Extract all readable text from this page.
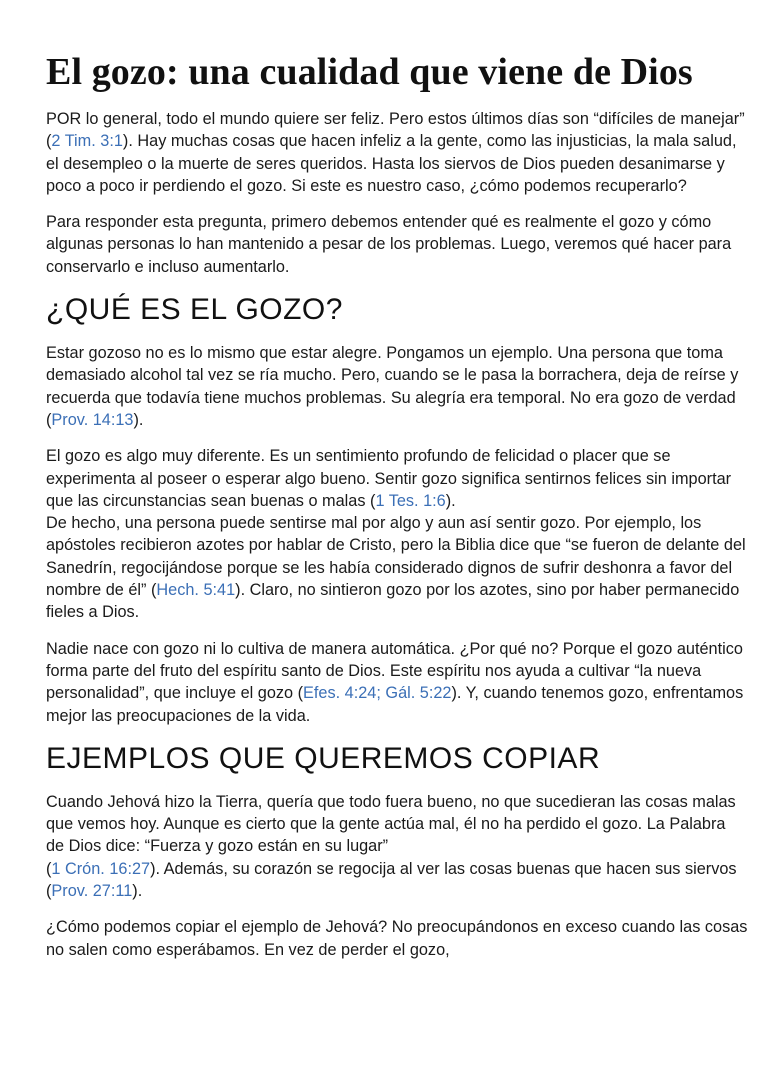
El gozo: una cualidad que viene de Dios

POR lo general, todo el mundo quiere ser feliz. Pero estos últimos días son “difíciles de manejar” (2 Tim. 3:1). Hay muchas cosas que hacen infeliz a la gente, como las injusticias, la mala salud, el desempleo o la muerte de seres queridos. Hasta los siervos de Dios pueden desanimarse y poco a poco ir perdiendo el gozo. Si este es nuestro caso, ¿cómo podemos recuperarlo?

Para responder esta pregunta, primero debemos entender qué es realmente el gozo y cómo algunas personas lo han mantenido a pesar de los problemas. Luego, veremos qué hacer para conservarlo e incluso aumentarlo.

¿QUÉ ES EL GOZO?

Estar gozoso no es lo mismo que estar alegre. Pongamos un ejemplo. Una persona que toma demasiado alcohol tal vez se ría mucho. Pero, cuando se le pasa la borrachera, deja de reírse y recuerda que todavía tiene muchos problemas. Su alegría era temporal. No era gozo de verdad (Prov. 14:13).

El gozo es algo muy diferente. Es un sentimiento profundo de felicidad o placer que se experimenta al poseer o esperar algo bueno. Sentir gozo significa sentirnos felices sin importar que las circunstancias sean buenas o malas (1 Tes. 1:6).
De hecho, una persona puede sentirse mal por algo y aun así sentir gozo. Por ejemplo, los apóstoles recibieron azotes por hablar de Cristo, pero la Biblia dice que “se fueron de delante del Sanedrín, regocijándose porque se les había considerado dignos de sufrir deshonra a favor del nombre de él” (Hech. 5:41). Claro, no sintieron gozo por los azotes, sino por haber permanecido fieles a Dios.

Nadie nace con gozo ni lo cultiva de manera automática. ¿Por qué no? Porque el gozo auténtico forma parte del fruto del espíritu santo de Dios. Este espíritu nos ayuda a cultivar “la nueva personalidad”, que incluye el gozo (Efes. 4:24; Gál. 5:22). Y, cuando tenemos gozo, enfrentamos mejor las preocupaciones de la vida.

EJEMPLOS QUE QUEREMOS COPIAR

Cuando Jehová hizo la Tierra, quería que todo fuera bueno, no que sucedieran las cosas malas que vemos hoy. Aunque es cierto que la gente actúa mal, él no ha perdido el gozo. La Palabra de Dios dice: “Fuerza y gozo están en su lugar”
(1 Crón. 16:27). Además, su corazón se regocija al ver las cosas buenas que hacen sus siervos (Prov. 27:11).

¿Cómo podemos copiar el ejemplo de Jehová? No preocupándonos en exceso cuando las cosas no salen como esperábamos. En vez de perder el gozo,
